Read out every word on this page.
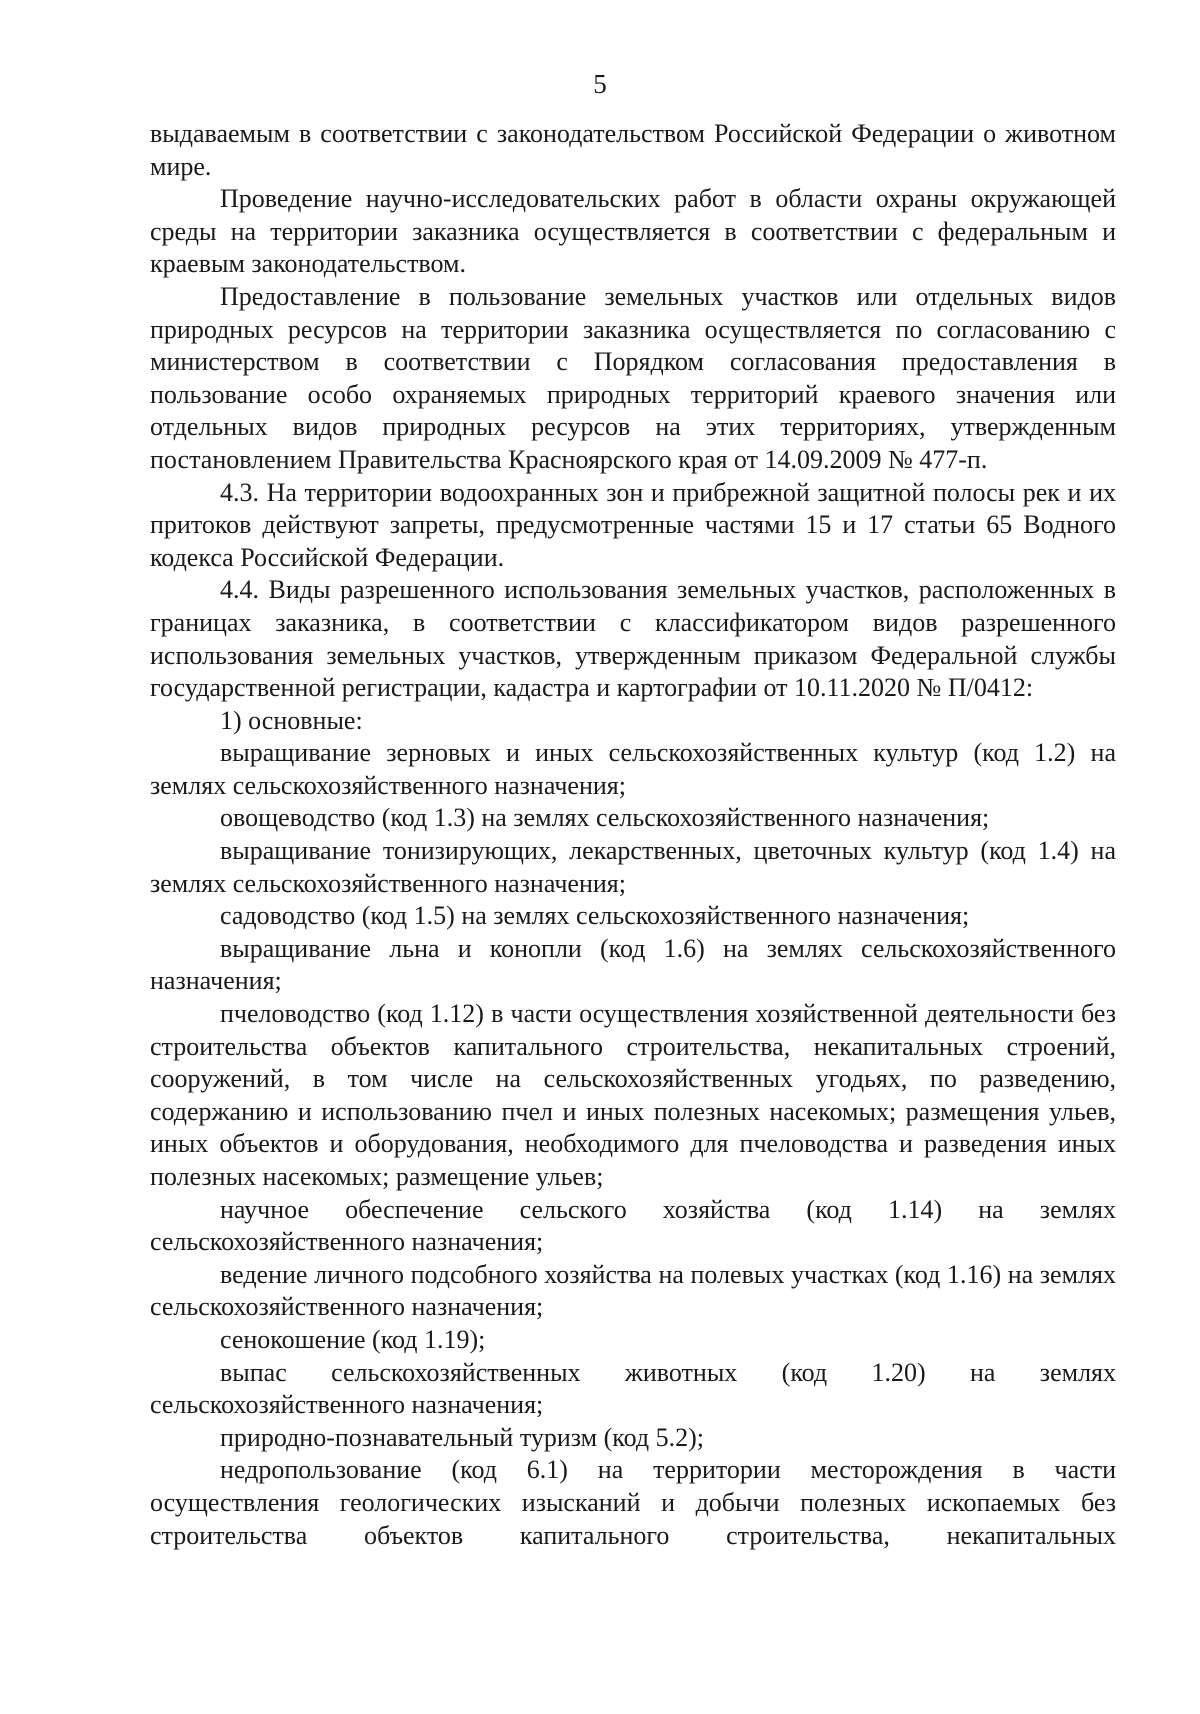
5

выдаваемым в соответствии с законодательством Российской Федерации о животном мире.

Проведение научно-исследовательских работ в области охраны окружающей среды на территории заказника осуществляется в соответствии с федеральным и краевым законодательством.

Предоставление в пользование земельных участков или отдельных видов природных ресурсов на территории заказника осуществляется по согласованию с министерством в соответствии с Порядком согласования предоставления в пользование особо охраняемых природных территорий краевого значения или отдельных видов природных ресурсов на этих территориях, утвержденным постановлением Правительства Красноярского края от 14.09.2009 № 477-п.

4.3. На территории водоохранных зон и прибрежной защитной полосы рек и их притоков действуют запреты, предусмотренные частями 15 и 17 статьи 65 Водного кодекса Российской Федерации.

4.4. Виды разрешенного использования земельных участков, расположенных в границах заказника, в соответствии с классификатором видов разрешенного использования земельных участков, утвержденным приказом Федеральной службы государственной регистрации, кадастра и картографии от 10.11.2020 № П/0412:

1) основные:

выращивание зерновых и иных сельскохозяйственных культур (код 1.2) на землях сельскохозяйственного назначения;

овощеводство (код 1.3) на землях сельскохозяйственного назначения;

выращивание тонизирующих, лекарственных, цветочных культур (код 1.4) на землях сельскохозяйственного назначения;

садоводство (код 1.5) на землях сельскохозяйственного назначения;

выращивание льна и конопли (код 1.6) на землях сельскохозяйственного назначения;

пчеловодство (код 1.12) в части осуществления хозяйственной деятельности без строительства объектов капитального строительства, некапитальных строений, сооружений, в том числе на сельскохозяйственных угодьях, по разведению, содержанию и использованию пчел и иных полезных насекомых; размещения ульев, иных объектов и оборудования, необходимого для пчеловодства и разведения иных полезных насекомых; размещение ульев;

научное обеспечение сельского хозяйства (код 1.14) на землях сельскохозяйственного назначения;

ведение личного подсобного хозяйства на полевых участках (код 1.16) на землях сельскохозяйственного назначения;

сенокошение (код 1.19);

выпас сельскохозяйственных животных (код 1.20) на землях сельскохозяйственного назначения;

природно-познавательный туризм (код 5.2);

недропользование (код 6.1) на территории месторождения в части осуществления геологических изысканий и добычи полезных ископаемых без строительства объектов капитального строительства, некапитальных
